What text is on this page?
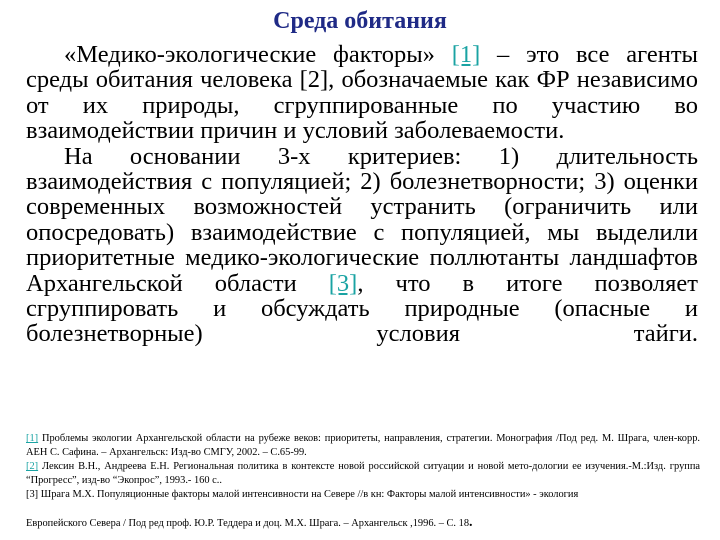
Среда обитания

«Медико-экологические факторы» [1] – это все агенты среды обитания человека [2], обозначаемые как ФР независимо от их природы, сгруппированные по участию во взаимодействии причин и условий заболеваемости.

На основании 3-х критериев: 1) длительность взаимодействия с популяцией; 2) болезнетворности; 3) оценки современных возможностей устранить (ограничить или опосредовать) взаимодействие с популяцией, мы выделили приоритетные медико-экологические поллютанты ландшафтов Архангельской области [3], что в итоге позволяет сгруппировать и обсуждать природные (опасные и болезнетворные) условия тайги.

[1] Проблемы экологии Архангельской области на рубеже веков: приоритеты, направления, стратегии. Монография /Под ред. М. Шрага, член-корр. АЕН С. Сафина. – Архангельск: Изд-во СМГУ, 2002. – С.65-99.

[2] Лексин В.Н., Андреева Е.Н. Региональная политика в контексте новой российской ситуации и новой мето-дологии ее изучения.-М.:Изд. группа “Прогресс”, изд-во “Экопрос”, 1993.- 160 с..

[3] Шрага М.Х. Популяционные факторы малой интенсивности на Севере //в кн: Факторы малой интенсивности» - экология

Европейского Севера / Под ред проф. Ю.Р. Теддера и доц. М.Х. Шрага. – Архангельск ,1996. – С. 18.
